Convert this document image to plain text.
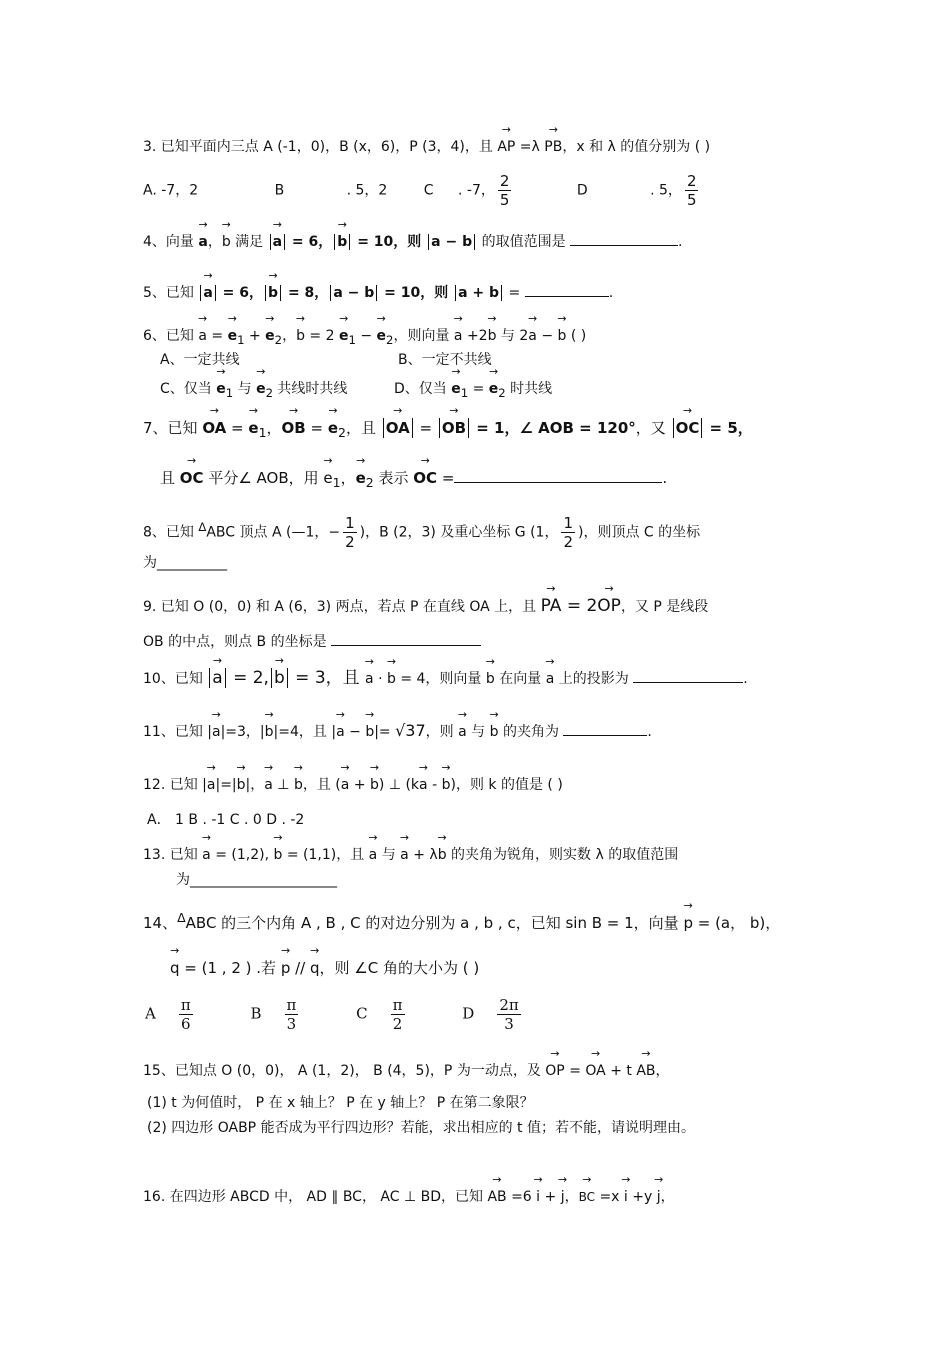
3. 已知平面内三点 A (-1，0)，B (x，6)，P (3，4)，且 → AP =λ → PB，x 和 λ 的值分别为 ( )
A. -7，2	B	. 5，2	C . -7， $\frac{2}{5}$	D	. 5， $\frac{2}{5}$
4、向量 → a，→ b 满足 → a = 6， → b = 10，则 a − b 的取值范围是	.
5、已知 → a = 6， → b = 8， a − b = 10，则 a + b =	.
6、已知 → a = → $e_1$ + → $e_2$，→ $b = 2 \to e_1$ − → $e_2$，则向量 → a +2→ b 与 2→ a − → b ( )
A、一定共线	B、一定不共线
C、仅当 → $e_1$ 与 → $e_2$ 共线时共线	D、仅当 → $e_1$ = → $e_2$ 时共线
7、已知 → OA = → $e_1$，→ OB = → $e_2$，且 → OA = → OB = 1，∠ AOB = 120°，又 → OC = 5，
且 → OC 平分∠ AOB，用 → $e_1$，→ $e_2$ 表示 → OC =	.
8、已知 $^\Delta$ABC 顶点 A (—1，− $\frac{1}{2}$ )，B (2，3) 及重心坐标 G (1， $\frac{1}{2}$ )，则顶点 C 的坐标
为__________
9. 已知 O (0，0) 和 A (6，3) 两点，若点 P 在直线 OA 上，且 → PA = 2→ OP，又 P 是线段
OB 的中点，则点 B 的坐标是
10、已知 → a = 2, → b = 3，且 → a · → b = 4，则向量 → b 在向量 → a 上的投影为	.
11、已知 |→ a|=3，|→ b|=4，且 |→ a − → b|= √37，则 → a 与 → b 的夹角为	.
12. 已知 |→ a|=|→ b|，→ a ⊥ → b，且 (→ a + → b) ⊥ (k→ a - → b)，则 k 的值是 ( )
A． 1 B . -1 C . 0 D . -2
13. 已知 → a = (1,2), → b = (1,1)，且 → a 与 → a + λ→ b 的夹角为锐角，则实数 λ 的取值范围
为_____________________
14、$^\Delta$ABC 的三个内角 A , B , C 的对边分别为 a , b , c，已知 sin B = 1，向量 → p = (a， b)，
→ q = (1 , 2 ) .若 → p // → q，则 ∠C 角的大小为 ( )
A $\frac{\pi}{6}$	B $\frac{\pi}{3}$	C $\frac{\pi}{2}$	D $\frac{2\pi}{3}$
15、已知点 O (0，0)， A (1，2)， B (4，5)，P 为一动点，及 → OP = → OA + t → AB，
(1) t 为何值时， P 在 x 轴上？ P 在 y 轴上？ P 在第二象限？
(2) 四边形 OABP 能否成为平行四边形？若能，求出相应的 t 值；若不能，请说明理由。
16. 在四边形 ABCD 中， AD ∥ BC， AC ⊥ BD，已知 → AB =6 → i + → j，→ BC =x → i +y → j，
